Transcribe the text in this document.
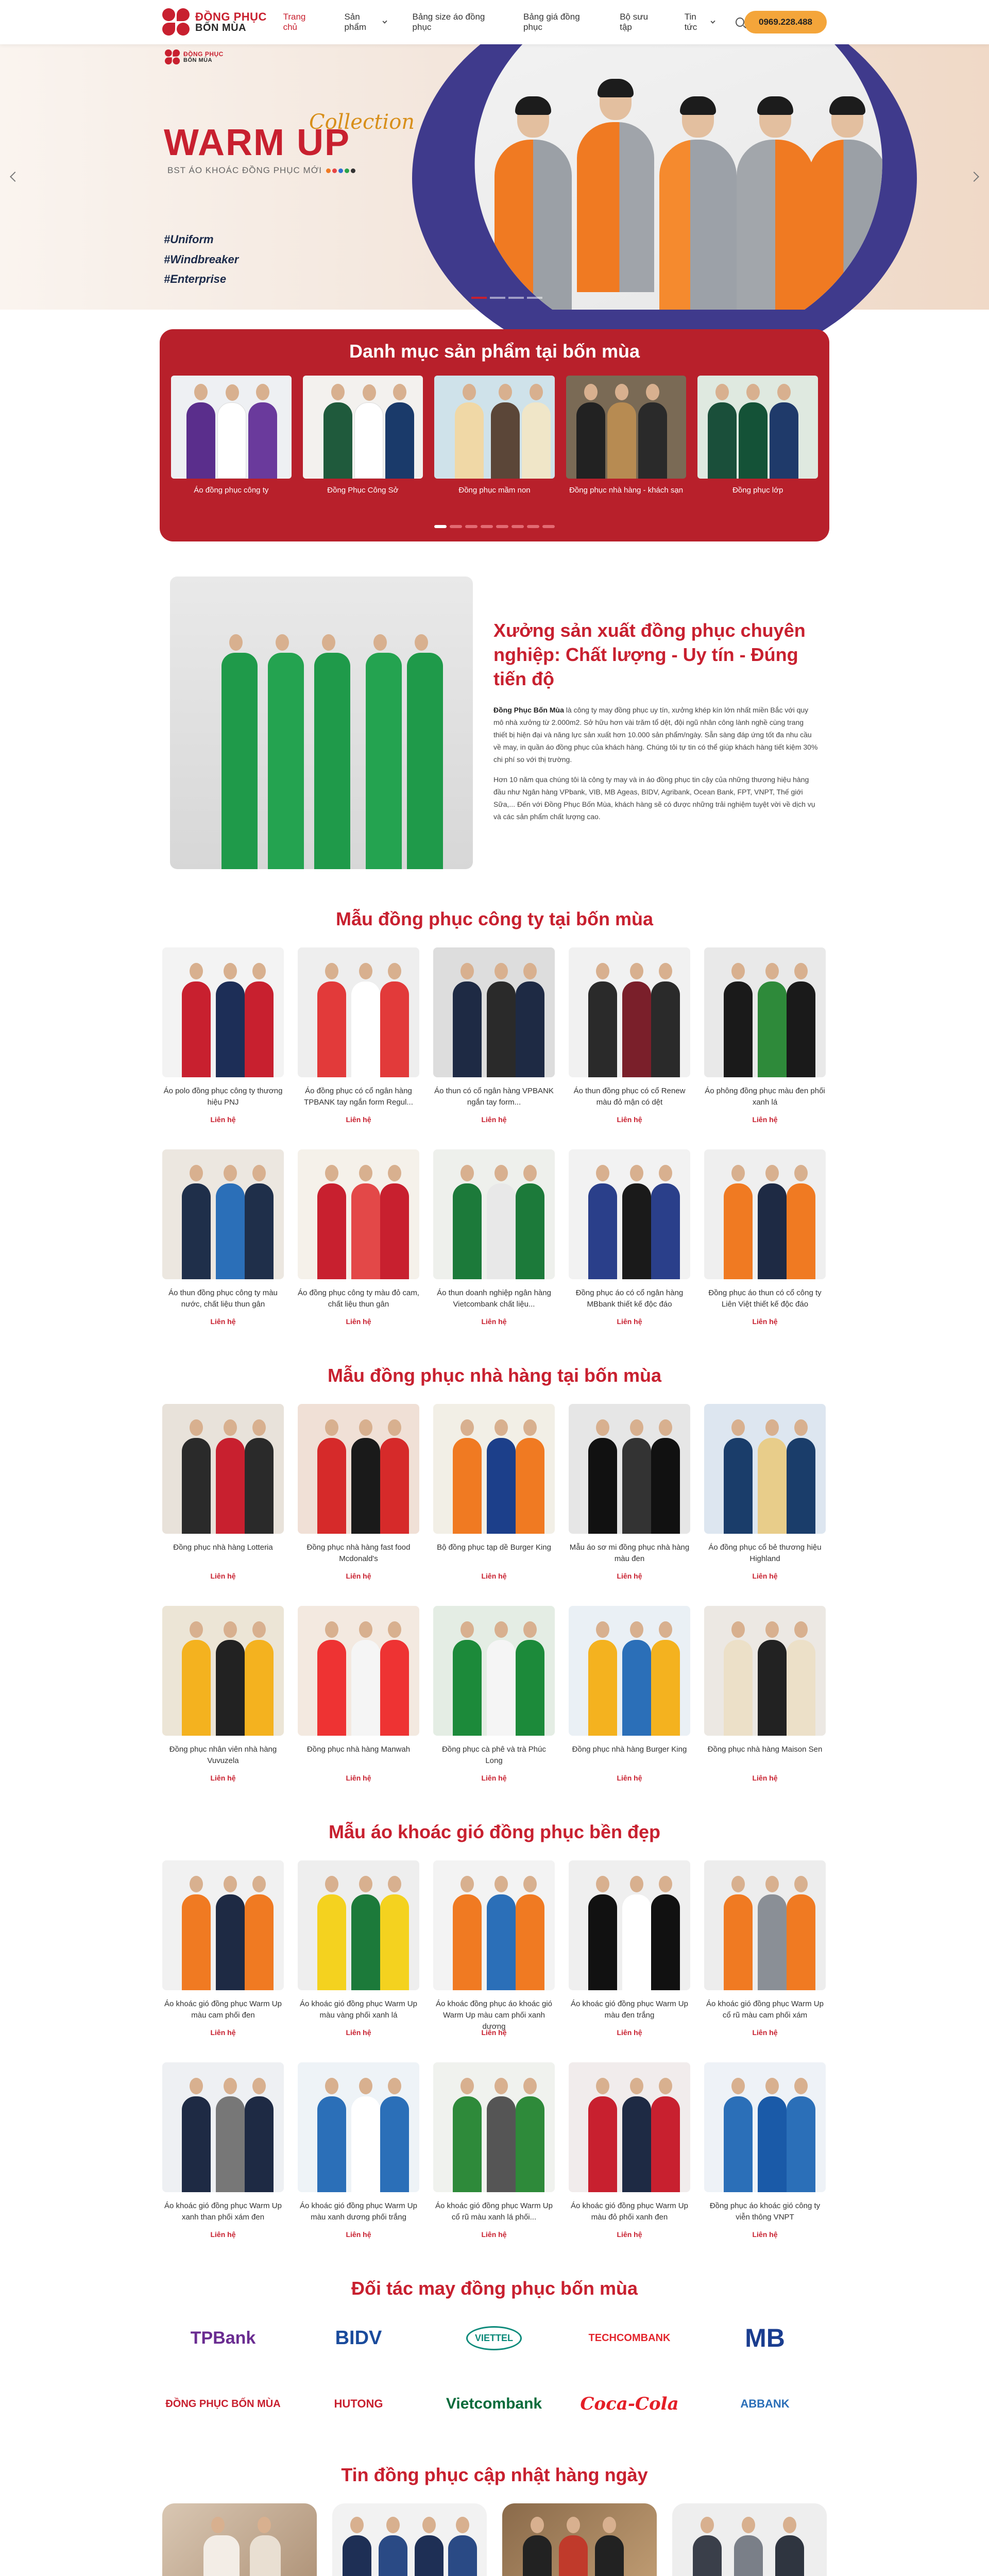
ĐỒNG PHỤC
BỐN MÙA
Trang chủ
Sản phẩm
Bảng size áo đồng phục
Bảng giá đồng phục
Bộ sưu tập
Tin tức
0969.228.488
ĐỒNG PHỤC
BỐN MÙA
WARM UP
Collection
BST ÁO KHOÁC ĐỒNG PHỤC MỚI
#Uniform
#Windbreaker
#Enterprise
Danh mục sản phẩm tại bốn mùa
Áo đồng phục công ty	Đồng Phục Công Sở	Đồng phục mầm non	Đồng phục nhà hàng - khách sạn	Đồng phục lớp
Xưởng sản xuất đồng phục chuyên nghiệp: Chất lượng - Uy tín - Đúng tiến độ

Đồng Phục Bốn Mùa là công ty may đồng phục uy tín, xưởng khép kín lớn nhất miền Bắc với quy mô nhà xưởng từ 2.000m2. Sở hữu hơn vài trăm tổ dệt, đội ngũ nhân công lành nghề cùng trang thiết bị hiện đại và năng lực sản xuất hơn 10.000 sản phẩm/ngày. Sẵn sàng đáp ứng tốt đa nhu cầu về may, in quần áo đồng phục của khách hàng. Chúng tôi tự tin có thể giúp khách hàng tiết kiệm 30% chi phí so với thị trường.

Hơn 10 năm qua chúng tôi là công ty may và in áo đồng phục tin cậy của những thương hiệu hàng đầu như Ngân hàng VPbank, VIB, MB Ageas, BIDV, Agribank, Ocean Bank, FPT, VNPT, Thế giới Sữa,... Đến với Đồng Phục Bốn Mùa, khách hàng sẽ có được những trải nghiệm tuyệt vời về dịch vụ và các sản phẩm chất lượng cao.

Mẫu đồng phục công ty tại bốn mùa
Áo polo đồng phục công ty thương hiệu PNJ
Liên hệ
Áo đồng phục có cổ ngân hàng TPBANK tay ngắn form Regul...
Liên hệ
Áo thun có cổ ngân hàng VPBANK ngắn tay form...
Liên hệ
Áo thun đồng phục có cổ Renew màu đỏ mận có dệt
Liên hệ
Áo phông đồng phục màu đen phối xanh lá
Liên hệ
Áo thun đồng phục công ty màu nước, chất liệu thun gân
Liên hệ
Áo đồng phục công ty màu đỏ cam, chất liệu thun gân
Liên hệ
Áo thun doanh nghiệp ngân hàng Vietcombank chất liệu...
Liên hệ
Đồng phục áo có cổ ngân hàng MBbank thiết kế độc đáo
Liên hệ
Đồng phục áo thun có cổ công ty Liên Việt thiết kế độc đáo
Liên hệ
Mẫu đồng phục nhà hàng tại bốn mùa
Đồng phục nhà hàng Lotteria
Liên hệ
Đồng phục nhà hàng fast food Mcdonald's
Liên hệ
Bộ đồng phục tạp dề Burger King
Liên hệ
Mẫu áo sơ mi đồng phục nhà hàng màu đen
Liên hệ
Áo đồng phục cổ bẻ thương hiệu Highland
Liên hệ
Đồng phục nhân viên nhà hàng Vuvuzela
Liên hệ
Đồng phục nhà hàng Manwah
Liên hệ
Đồng phục cà phê và trà Phúc Long
Liên hệ
Đồng phục nhà hàng Burger King
Liên hệ
Đồng phục nhà hàng Maison Sen
Liên hệ
Mẫu áo khoác gió đồng phục bền đẹp
Áo khoác gió đồng phục Warm Up màu cam phối đen
Liên hệ
Áo khoác gió đồng phục Warm Up màu vàng phối xanh lá
Liên hệ
Áo khoác đồng phục áo khoác gió Warm Up màu cam phối xanh dương
Liên hệ
Áo khoác gió đồng phục Warm Up màu đen trắng
Liên hệ
Áo khoác gió đồng phục Warm Up cổ rũ màu cam phối xám
Liên hệ
Áo khoác gió đồng phục Warm Up xanh than phối xám đen
Liên hệ
Áo khoác gió đồng phục Warm Up màu xanh dương phối trắng
Liên hệ
Áo khoác gió đồng phục Warm Up cổ rũ màu xanh lá phối...
Liên hệ
Áo khoác gió đồng phục Warm Up màu đỏ phối xanh đen
Liên hệ
Đồng phục áo khoác gió công ty viễn thông VNPT
Liên hệ
Đối tác may đồng phục bốn mùa
TPBank	BIDV	VIETTEL	TECHCOMBANK	MB
ĐỒNG PHỤC BỐN MÙA	HUTONG	Vietcombank Coca-Cola	ABBANK
Tin đồng phục cập nhật hàng ngày
